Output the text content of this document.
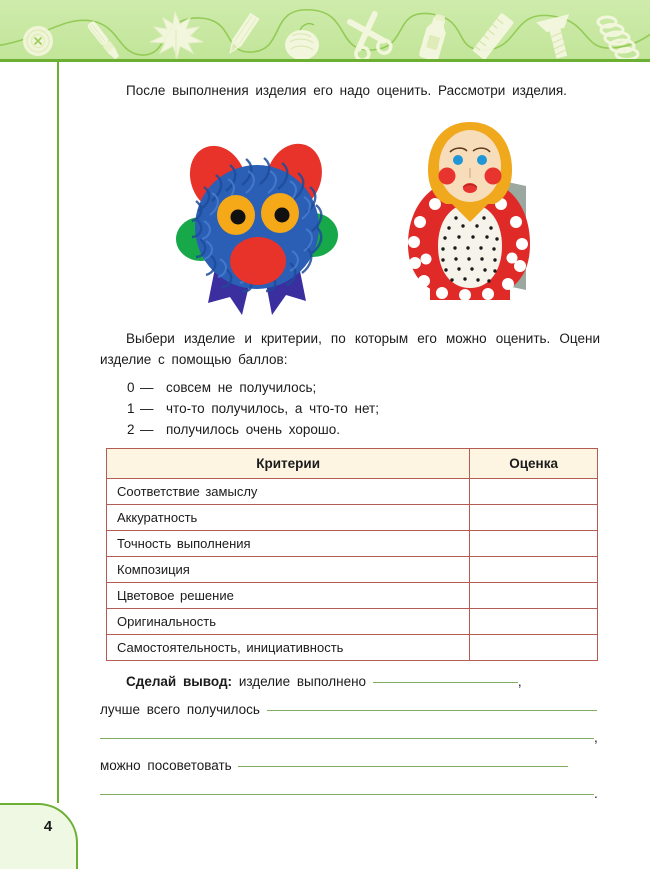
4

После выполнения изделия его надо оценить. Рассмотри изделия.

Выбери изделие и критерии, по которым его можно оценить. Оцени изделие с помощью баллов:

0 — совсем не получилось;
1 — что-то получилось, а что-то нет;
2 — получилось очень хорошо.
Критерии	Оценка
Соответствие замыслу	
Аккуратность	
Точность выполнения	
Композиция	
Цветовое решение	
Оригинальность	
Самостоятельность, инициативность	
Сделай вывод: изделие выполнено	,
лучше всего получилось
,
можно посоветовать
.
